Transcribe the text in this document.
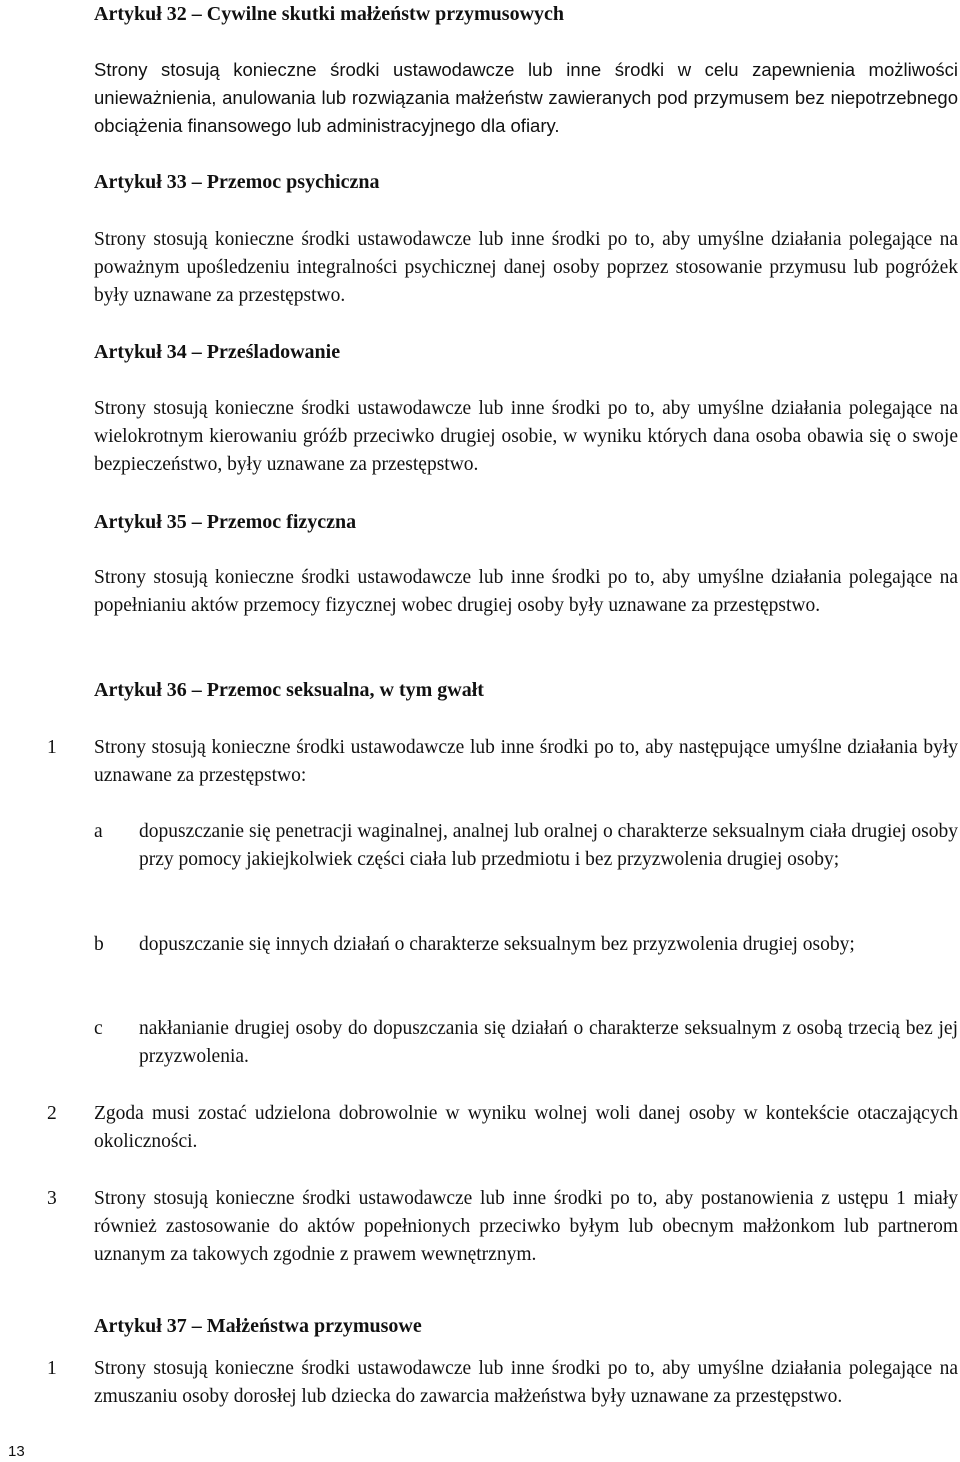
Artykuł 32 – Cywilne skutki małżeństw przymusowych

Strony stosują konieczne środki ustawodawcze lub inne środki w celu zapewnienia możliwości unieważnienia, anulowania lub rozwiązania małżeństw zawieranych pod przymusem bez niepotrzebnego obciążenia finansowego lub administracyjnego dla ofiary.

Artykuł 33 – Przemoc psychiczna

Strony stosują konieczne środki ustawodawcze lub inne środki po to, aby umyślne działania polegające na poważnym upośledzeniu integralności psychicznej danej osoby poprzez stosowanie przymusu lub pogróżek były uznawane za przestępstwo.

Artykuł 34 – Prześladowanie

Strony stosują konieczne środki ustawodawcze lub inne środki po to, aby umyślne działania polegające na wielokrotnym kierowaniu gróźb przeciwko drugiej osobie, w wyniku których dana osoba obawia się o swoje bezpieczeństwo, były uznawane za przestępstwo.

Artykuł 35 – Przemoc fizyczna

Strony stosują konieczne środki ustawodawcze lub inne środki po to, aby umyślne działania polegające na popełnianiu aktów przemocy fizycznej wobec drugiej osoby były uznawane za przestępstwo.

Artykuł 36 – Przemoc seksualna, w tym gwałt
1 Strony stosują konieczne środki ustawodawcze lub inne środki po to, aby następujące umyślne działania były uznawane za przestępstwo:

a dopuszczanie się penetracji waginalnej, analnej lub oralnej o charakterze seksualnym ciała drugiej osoby przy pomocy jakiejkolwiek części ciała lub przedmiotu i bez przyzwolenia drugiej osoby;

b dopuszczanie się innych działań o charakterze seksualnym bez przyzwolenia drugiej osoby;

c nakłanianie drugiej osoby do dopuszczania się działań o charakterze seksualnym z osobą trzecią bez jej przyzwolenia.

2 Zgoda musi zostać udzielona dobrowolnie w wyniku wolnej woli danej osoby w kontekście otaczających okoliczności.

3 Strony stosują konieczne środki ustawodawcze lub inne środki po to, aby postanowienia z ustępu 1 miały również zastosowanie do aktów popełnionych przeciwko byłym lub obecnym małżonkom lub partnerom uznanym za takowych zgodnie z prawem wewnętrznym.

Artykuł 37 – Małżeństwa przymusowe
1 Strony stosują konieczne środki ustawodawcze lub inne środki po to, aby umyślne działania polegające na zmuszaniu osoby dorosłej lub dziecka do zawarcia małżeństwa były uznawane za przestępstwo.

13
